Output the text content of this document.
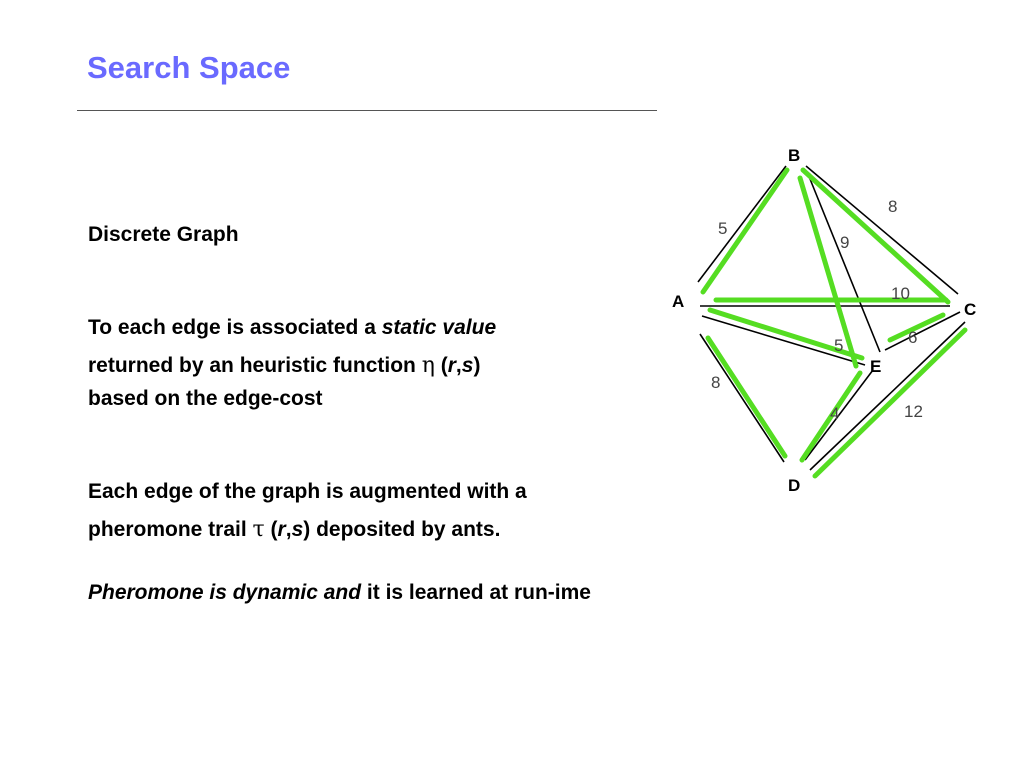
Search Space
Discrete Graph
To each edge is associated a static value
returned by an heuristic function η (r,s)
based on the edge-cost
Each edge of the graph is augmented with a
pheromone trail τ (r,s) deposited by ants.
Pheromone is dynamic and it is learned at run-ime
B
A	C
E
D
5
8
9
10
5	6
8
4	12
